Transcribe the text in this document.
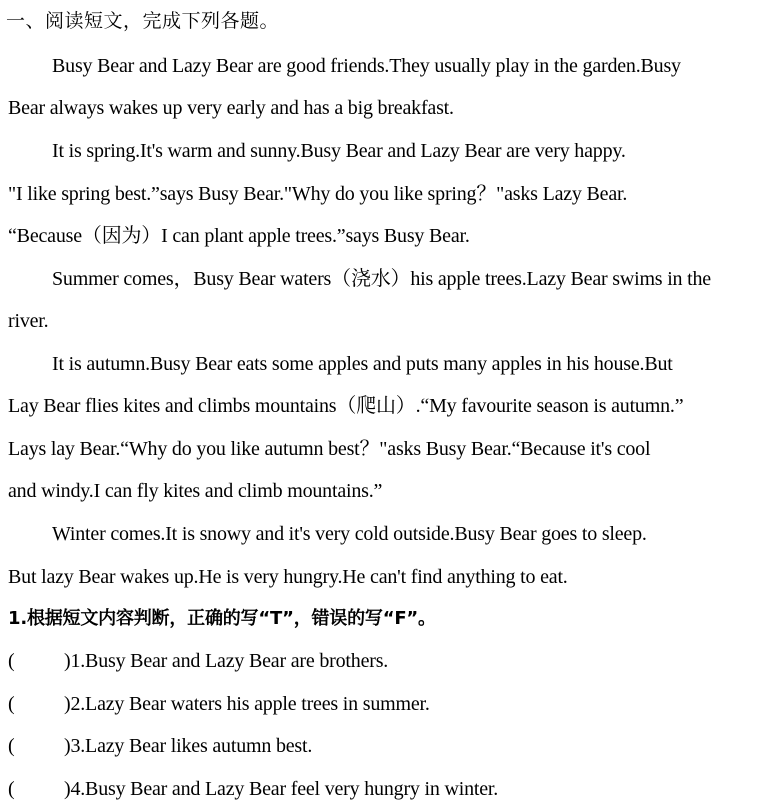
一、阅读短文，完成下列各题。
Busy Bear and Lazy Bear are good friends.They usually play in the garden.Busy
Bear always wakes up very early and has a big breakfast.
It is spring.It's warm and sunny.Busy Bear and Lazy Bear are very happy.
"I like spring best.”says Busy Bear."Why do you like spring？"asks Lazy Bear.
“Because（因为）I can plant apple trees.”says Busy Bear.
Summer comes，Busy Bear waters（浇水）his apple trees.Lazy Bear swims in the
river.
It is autumn.Busy Bear eats some apples and puts many apples in his house.But
Lay Bear flies kites and climbs mountains（爬山）.“My favourite season is autumn.”
Lays lay Bear.“Why do you like autumn best？"asks Busy Bear.“Because it's cool
and windy.I can fly kites and climb mountains.”
Winter comes.It is snowy and it's very cold outside.Busy Bear goes to sleep.
But lazy Bear wakes up.He is very hungry.He can't find anything to eat.
1.根据短文内容判断，正确的写“T”，错误的写“F”。
( )1.Busy Bear and Lazy Bear are brothers.
( )2.Lazy Bear waters his apple trees in summer.
( )3.Lazy Bear likes autumn best.
( )4.Busy Bear and Lazy Bear feel very hungry in winter.
